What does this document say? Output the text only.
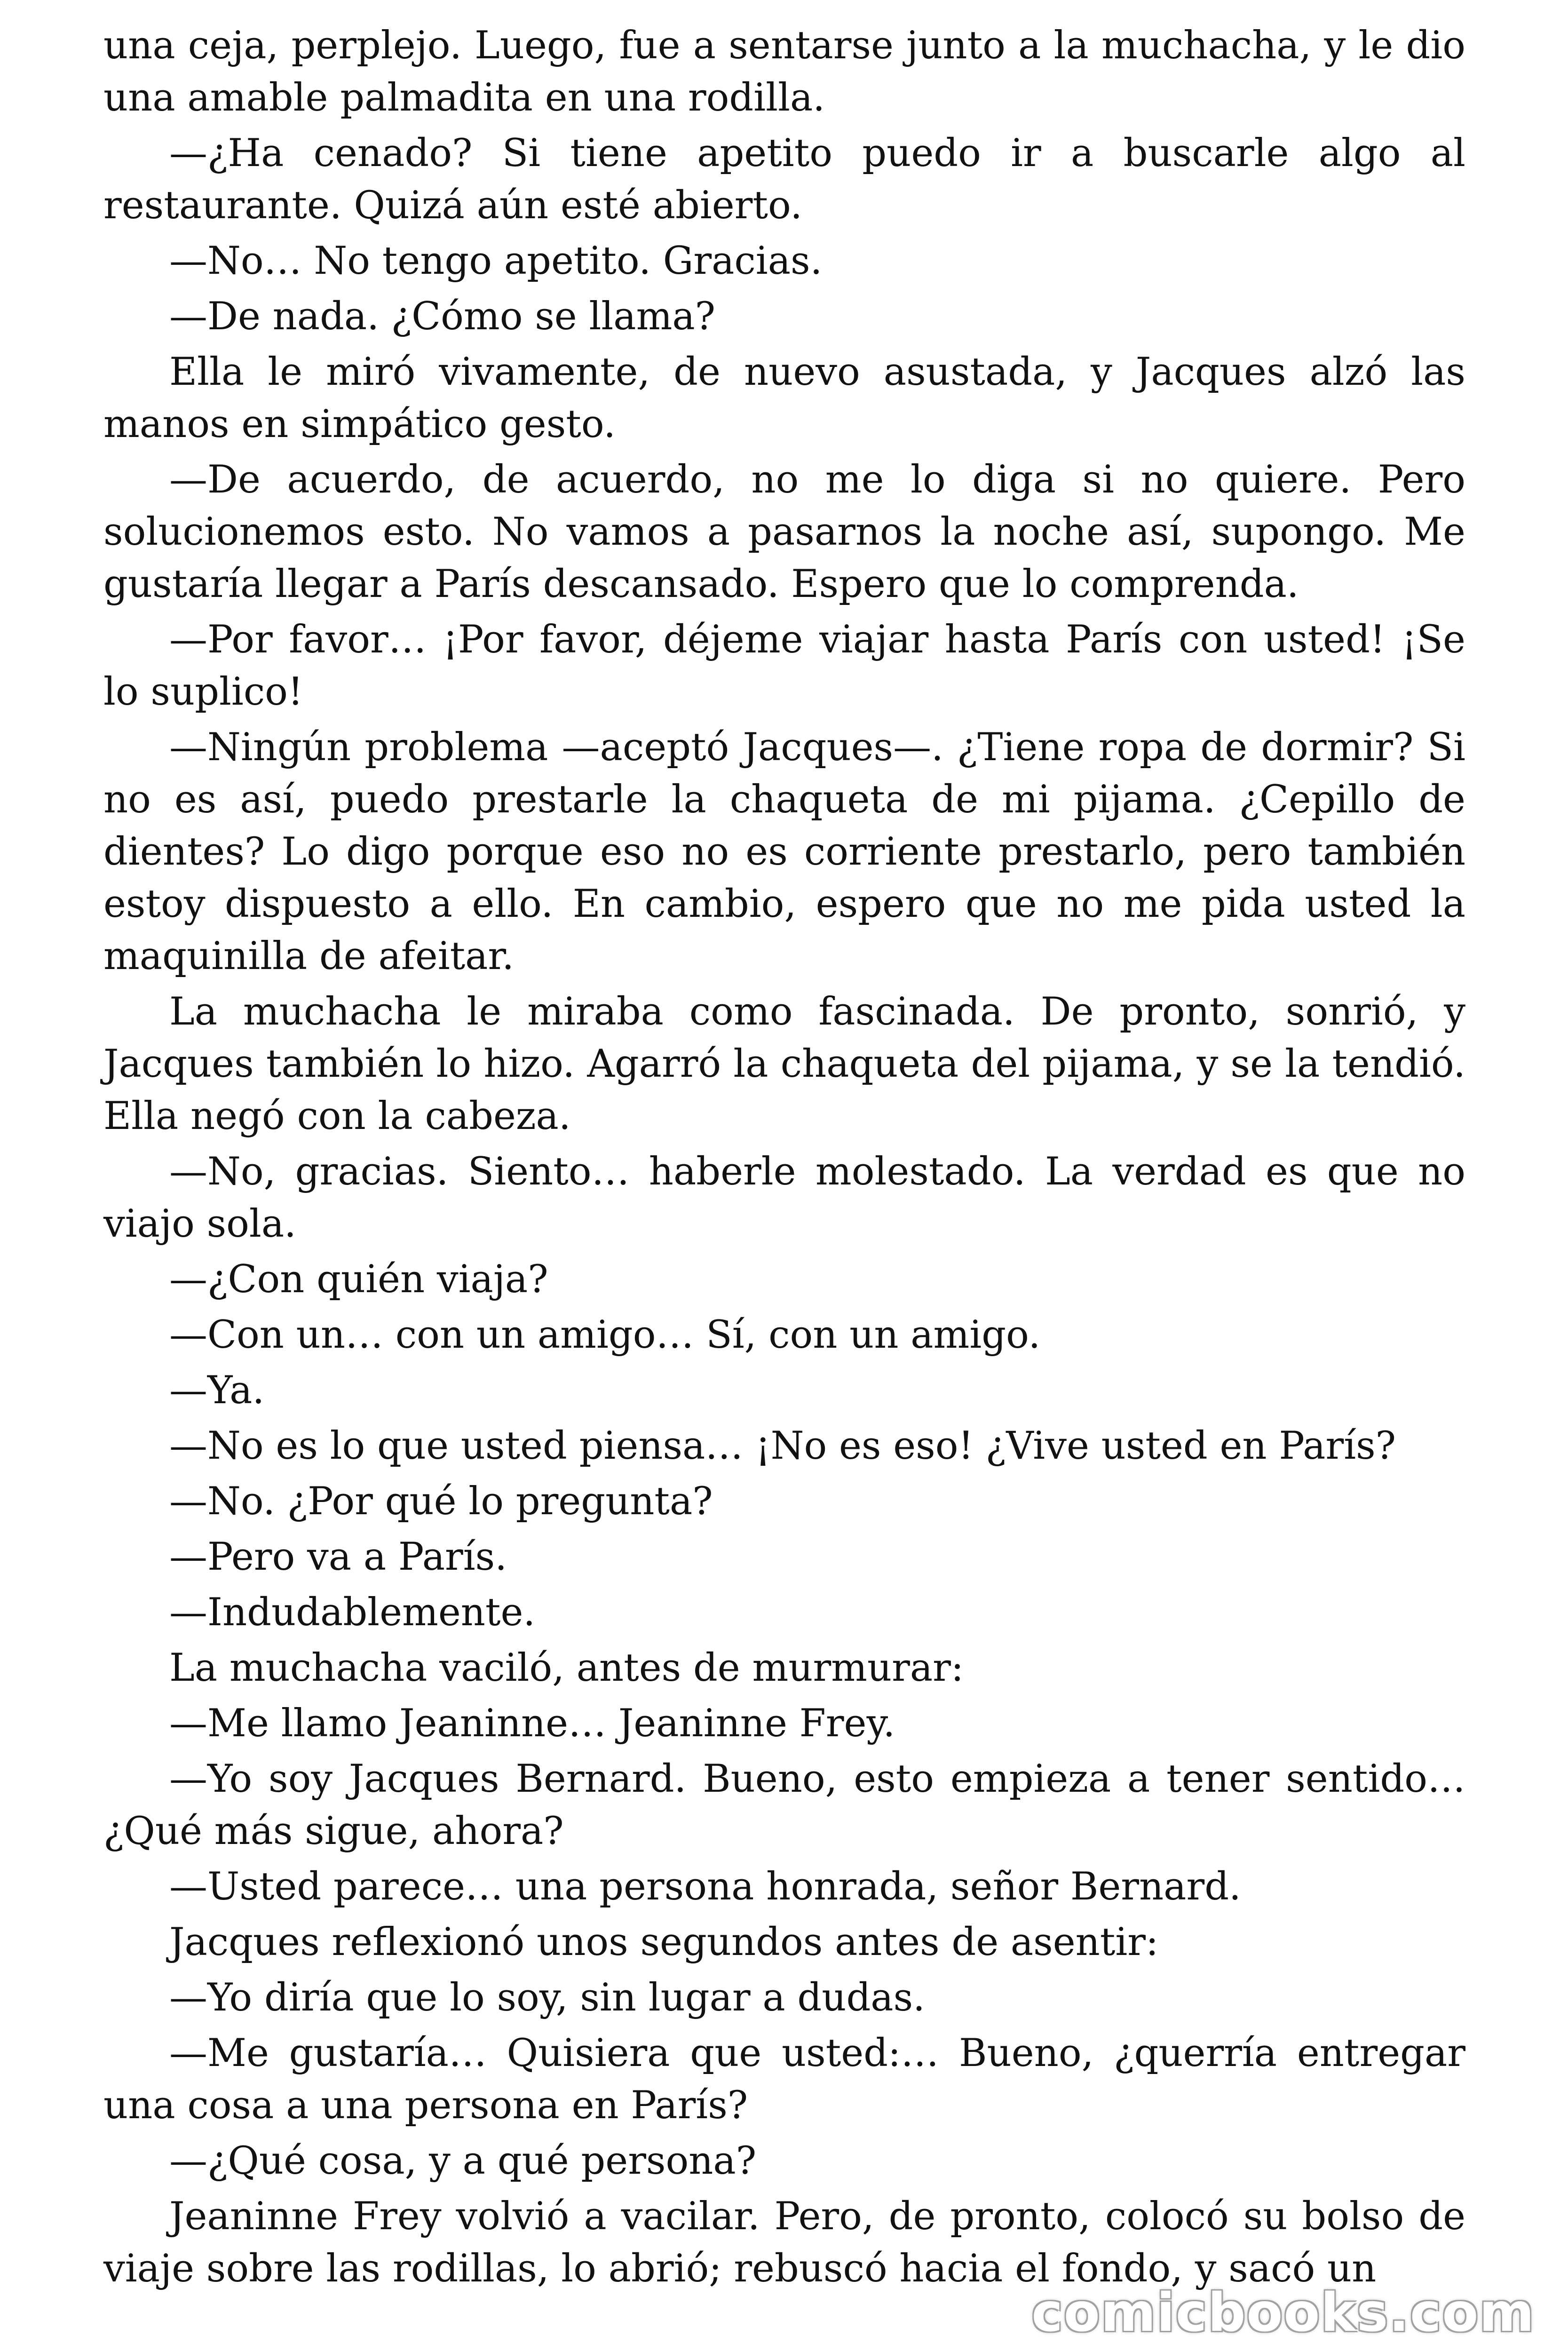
una ceja, perplejo. Luego, fue a sentarse junto a la muchacha, y le dio una amable palmadita en una rodilla.

—¿Ha cenado? Si tiene apetito puedo ir a buscarle algo al restaurante. Quizá aún esté abierto.

—No… No tengo apetito. Gracias.

—De nada. ¿Cómo se llama?

Ella le miró vivamente, de nuevo asustada, y Jacques alzó las manos en simpático gesto.

—De acuerdo, de acuerdo, no me lo diga si no quiere. Pero solucionemos esto. No vamos a pasarnos la noche así, supongo. Me gustaría llegar a París descansado. Espero que lo comprenda.

—Por favor… ¡Por favor, déjeme viajar hasta París con usted! ¡Se lo suplico!

—Ningún problema —aceptó Jacques—. ¿Tiene ropa de dormir? Si no es así, puedo prestarle la chaqueta de mi pijama. ¿Cepillo de dientes? Lo digo porque eso no es corriente prestarlo, pero también estoy dispuesto a ello. En cambio, espero que no me pida usted la maquinilla de afeitar.

La muchacha le miraba como fascinada. De pronto, sonrió, y Jacques también lo hizo. Agarró la chaqueta del pijama, y se la tendió. Ella negó con la cabeza.

—No, gracias. Siento… haberle molestado. La verdad es que no viajo sola.

—¿Con quién viaja?

—Con un… con un amigo… Sí, con un amigo.

—Ya.

—No es lo que usted piensa… ¡No es eso! ¿Vive usted en París?

—No. ¿Por qué lo pregunta?

—Pero va a París.

—Indudablemente.

La muchacha vaciló, antes de murmurar:

—Me llamo Jeaninne… Jeaninne Frey.

—Yo soy Jacques Bernard. Bueno, esto empieza a tener sentido… ¿Qué más sigue, ahora?

—Usted parece… una persona honrada, señor Bernard.

Jacques reflexionó unos segundos antes de asentir:

—Yo diría que lo soy, sin lugar a dudas.

—Me gustaría… Quisiera que usted:… Bueno, ¿querría entregar una cosa a una persona en París?

—¿Qué cosa, y a qué persona?

Jeaninne Frey volvió a vacilar. Pero, de pronto, colocó su bolso de viaje sobre las rodillas, lo abrió; rebuscó hacia el fondo, y sacó un

comicbooks.com
